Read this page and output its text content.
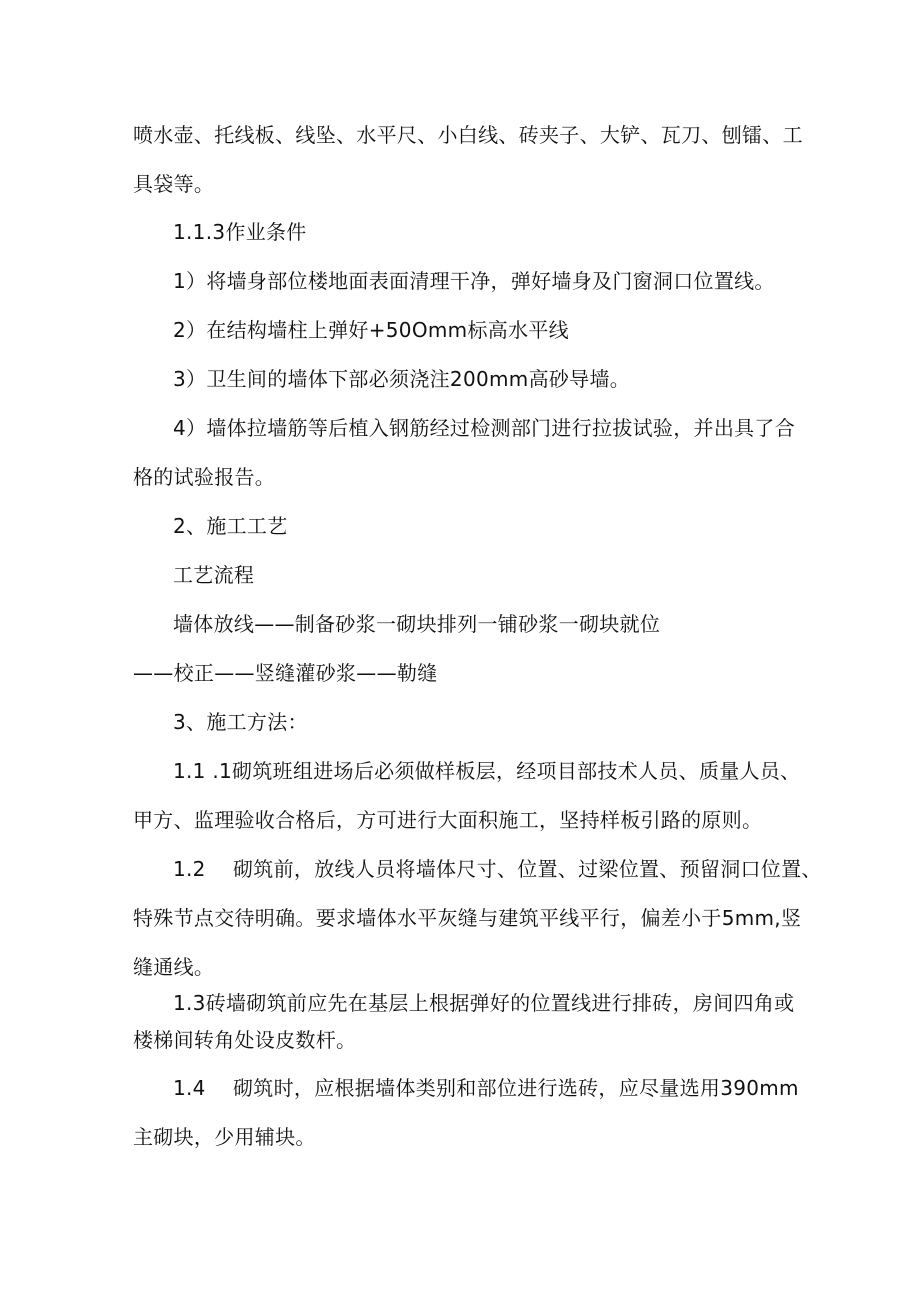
喷水壶、托线板、线坠、水平尺、小白线、砖夹子、大铲、瓦刀、刨镭、工
具袋等。
1.1.3作业条件
1）将墙身部位楼地面表面清理干净，弹好墙身及门窗洞口位置线。
2）在结构墙柱上弹好+50Omm标高水平线
3）卫生间的墙体下部必须浇注200mm高砂导墙。
4）墙体拉墙筋等后植入钢筋经过检测部门进行拉拔试验，并出具了合
格的试验报告。
2、施工工艺
工艺流程
墙体放线——制备砂浆一砌块排列一铺砂浆一砌块就位
——校正——竖缝灌砂浆——勒缝
3、施工方法：
1.1 .1砌筑班组进场后必须做样板层，经项目部技术人员、质量人员、
甲方、监理验收合格后，方可进行大面积施工，坚持样板引路的原则。
1.2 砌筑前，放线人员将墙体尺寸、位置、过梁位置、预留洞口位置、
特殊节点交待明确。要求墙体水平灰缝与建筑平线平行，偏差小于5mm,竖
缝通线。
1.3砖墙砌筑前应先在基层上根据弹好的位置线进行排砖，房间四角或
楼梯间转角处设皮数杆。
1.4 砌筑时，应根据墙体类别和部位进行选砖，应尽量选用390mm
主砌块，少用辅块。
